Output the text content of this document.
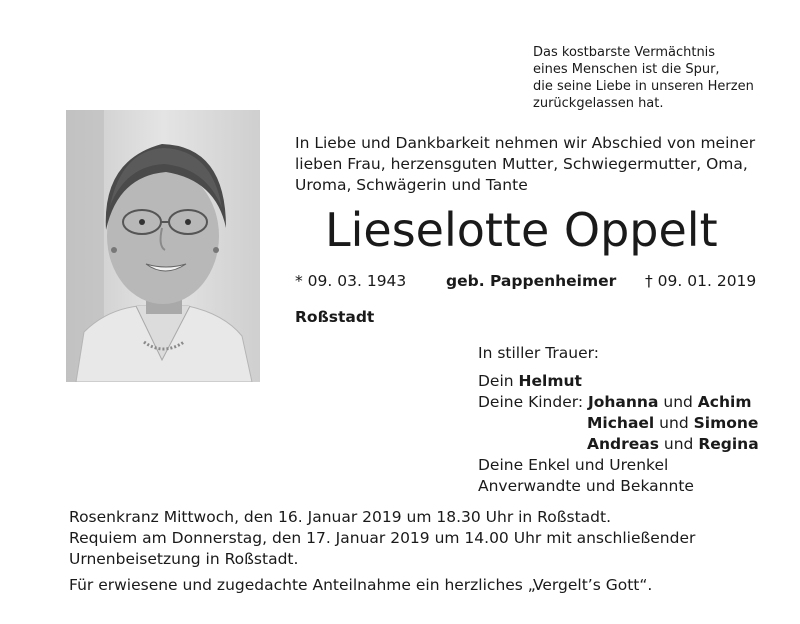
Das kostbarste Vermächtnis
eines Menschen ist die Spur,
die seine Liebe in unseren Herzen
zurückgelassen hat.
In Liebe und Dankbarkeit nehmen wir Abschied von meiner
lieben Frau, herzensguten Mutter, Schwiegermutter, Oma,
Uroma, Schwägerin und Tante
Lieselotte Oppelt
* 09. 03. 1943	geb. Pappenheimer † 09. 01. 2019
Roßstadt
In stiller Trauer:
Dein Helmut
Deine Kinder: Johanna und Achim
Michael und Simone
Andreas und Regina
Deine Enkel und Urenkel
Anverwandte und Bekannte
Rosenkranz Mittwoch, den 16. Januar 2019 um 18.30 Uhr in Roßstadt.
Requiem am Donnerstag, den 17. Januar 2019 um 14.00 Uhr mit anschließender
Urnenbeisetzung in Roßstadt.
Für erwiesene und zugedachte Anteilnahme ein herzliches „Vergelt’s Gott“.
